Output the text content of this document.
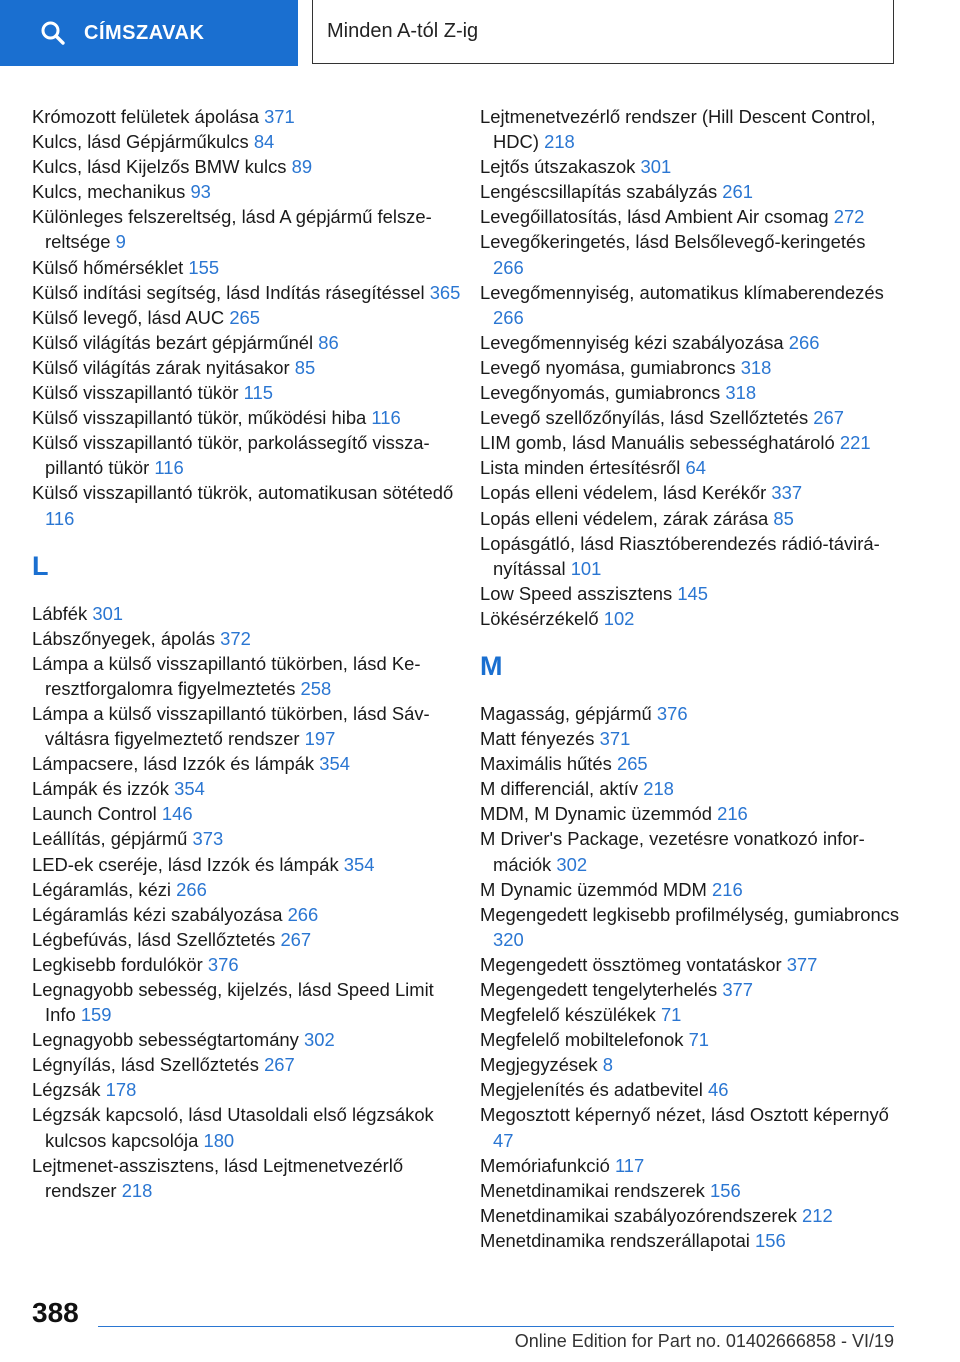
CÍMSZAVAK	Minden A-tól Z-ig
Krómozott felületek ápolása 371
Kulcs, lásd Gépjárműkulcs 84
Kulcs, lásd Kijelzős BMW kulcs 89
Kulcs, mechanikus 93
Különleges felszereltség, lásd A gépjármű felszereltsége 9
Külső hőmérséklet 155
Külső indítási segítség, lásd Indítás rásegítéssel 365
Külső levegő, lásd AUC 265
Külső világítás bezárt gépjárműnél 86
Külső világítás zárak nyitásakor 85
Külső visszapillantó tükör 115
Külső visszapillantó tükör, működési hiba 116
Külső visszapillantó tükör, parkolássegítő visszapillantó tükör 116
Külső visszapillantó tükrök, automatikusan sötétedő 116
L
Lábfék 301
Lábszőnyegek, ápolás 372
Lámpa a külső visszapillantó tükörben, lásd Keresztforgalomra figyelmeztetés 258
Lámpa a külső visszapillantó tükörben, lásd Sávváltásra figyelmeztető rendszer 197
Lámpacsere, lásd Izzók és lámpák 354
Lámpák és izzók 354
Launch Control 146
Leállítás, gépjármű 373
LED-ek cseréje, lásd Izzók és lámpák 354
Légáramlás, kézi 266
Légáramlás kézi szabályozása 266
Légbefúvás, lásd Szellőztetés 267
Legkisebb fordulókör 376
Legnagyobb sebesség, kijelzés, lásd Speed Limit Info 159
Legnagyobb sebességtartomány 302
Légnyílás, lásd Szellőztetés 267
Légzsák 178
Légzsák kapcsoló, lásd Utasoldali első légzsákok kulcsos kapcsolója 180
Lejtmenet-asszisztens, lásd Lejtmenetvezérlő rendszer 218
Lejtmenetvezérlő rendszer (Hill Descent Control, HDC) 218
Lejtős útszakaszok 301
Lengéscsillapítás szabályzás 261
Levegőillatosítás, lásd Ambient Air csomag 272
Levegőkeringetés, lásd Belsőlevegő-keringetés 266
Levegőmennyiség, automatikus klímaberendezés 266
Levegőmennyiség kézi szabályozása 266
Levegő nyomása, gumiabroncs 318
Levegőnyomás, gumiabroncs 318
Levegő szellőzőnyílás, lásd Szellőztetés 267
LIM gomb, lásd Manuális sebességhatároló 221
Lista minden értesítésről 64
Lopás elleni védelem, lásd Kerékőr 337
Lopás elleni védelem, zárak zárása 85
Lopásgátló, lásd Riasztóberendezés rádió-távirányítással 101
Low Speed asszisztens 145
Lökésérzékelő 102
M
Magasság, gépjármű 376
Matt fényezés 371
Maximális hűtés 265
M differenciál, aktív 218
MDM, M Dynamic üzemmód 216
M Driver's Package, vezetésre vonatkozó információk 302
M Dynamic üzemmód MDM 216
Megengedett legkisebb profilmélység, gumiabroncs 320
Megengedett össztömeg vontatáskor 377
Megengedett tengelyterhelés 377
Megfelelő készülékek 71
Megfelelő mobiltelefonok 71
Megjegyzések 8
Megjelenítés és adatbevitel 46
Megosztott képernyő nézet, lásd Osztott képernyő 47
Memóriafunkció 117
Menetdinamikai rendszerek 156
Menetdinamikai szabályozórendszerek 212
Menetdinamika rendszerállapotai 156
388
Online Edition for Part no. 01402666858 - VI/19
